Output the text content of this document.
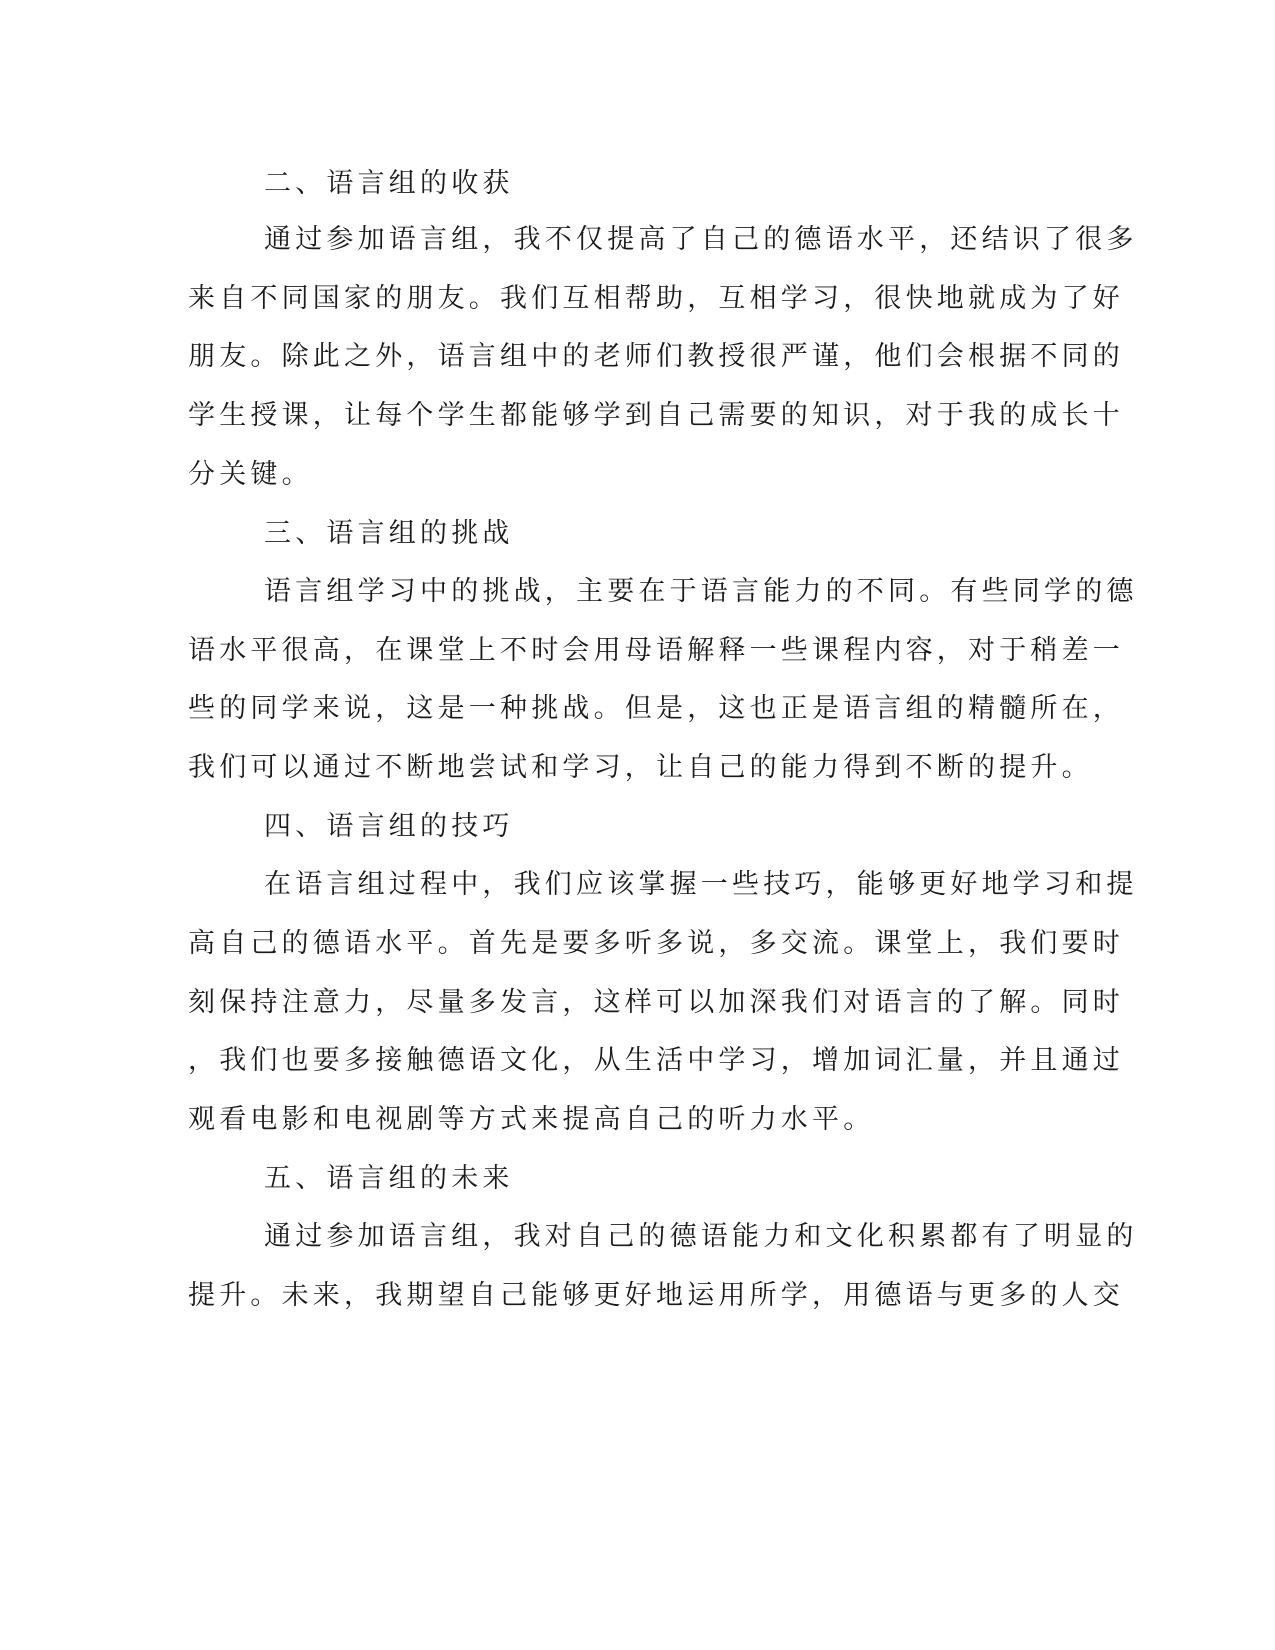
二、语言组的收获
通过参加语言组，我不仅提高了自己的德语水平，还结识了很多
来自不同国家的朋友。我们互相帮助，互相学习，很快地就成为了好
朋友。除此之外，语言组中的老师们教授很严谨，他们会根据不同的
学生授课，让每个学生都能够学到自己需要的知识，对于我的成长十
分关键。
三、语言组的挑战
语言组学习中的挑战，主要在于语言能力的不同。有些同学的德
语水平很高，在课堂上不时会用母语解释一些课程内容，对于稍差一
些的同学来说，这是一种挑战。但是，这也正是语言组的精髓所在，
我们可以通过不断地尝试和学习，让自己的能力得到不断的提升。
四、语言组的技巧
在语言组过程中，我们应该掌握一些技巧，能够更好地学习和提
高自己的德语水平。首先是要多听多说，多交流。课堂上，我们要时
刻保持注意力，尽量多发言，这样可以加深我们对语言的了解。同时
，我们也要多接触德语文化，从生活中学习，增加词汇量，并且通过
观看电影和电视剧等方式来提高自己的听力水平。
五、语言组的未来
通过参加语言组，我对自己的德语能力和文化积累都有了明显的
提升。未来，我期望自己能够更好地运用所学，用德语与更多的人交
